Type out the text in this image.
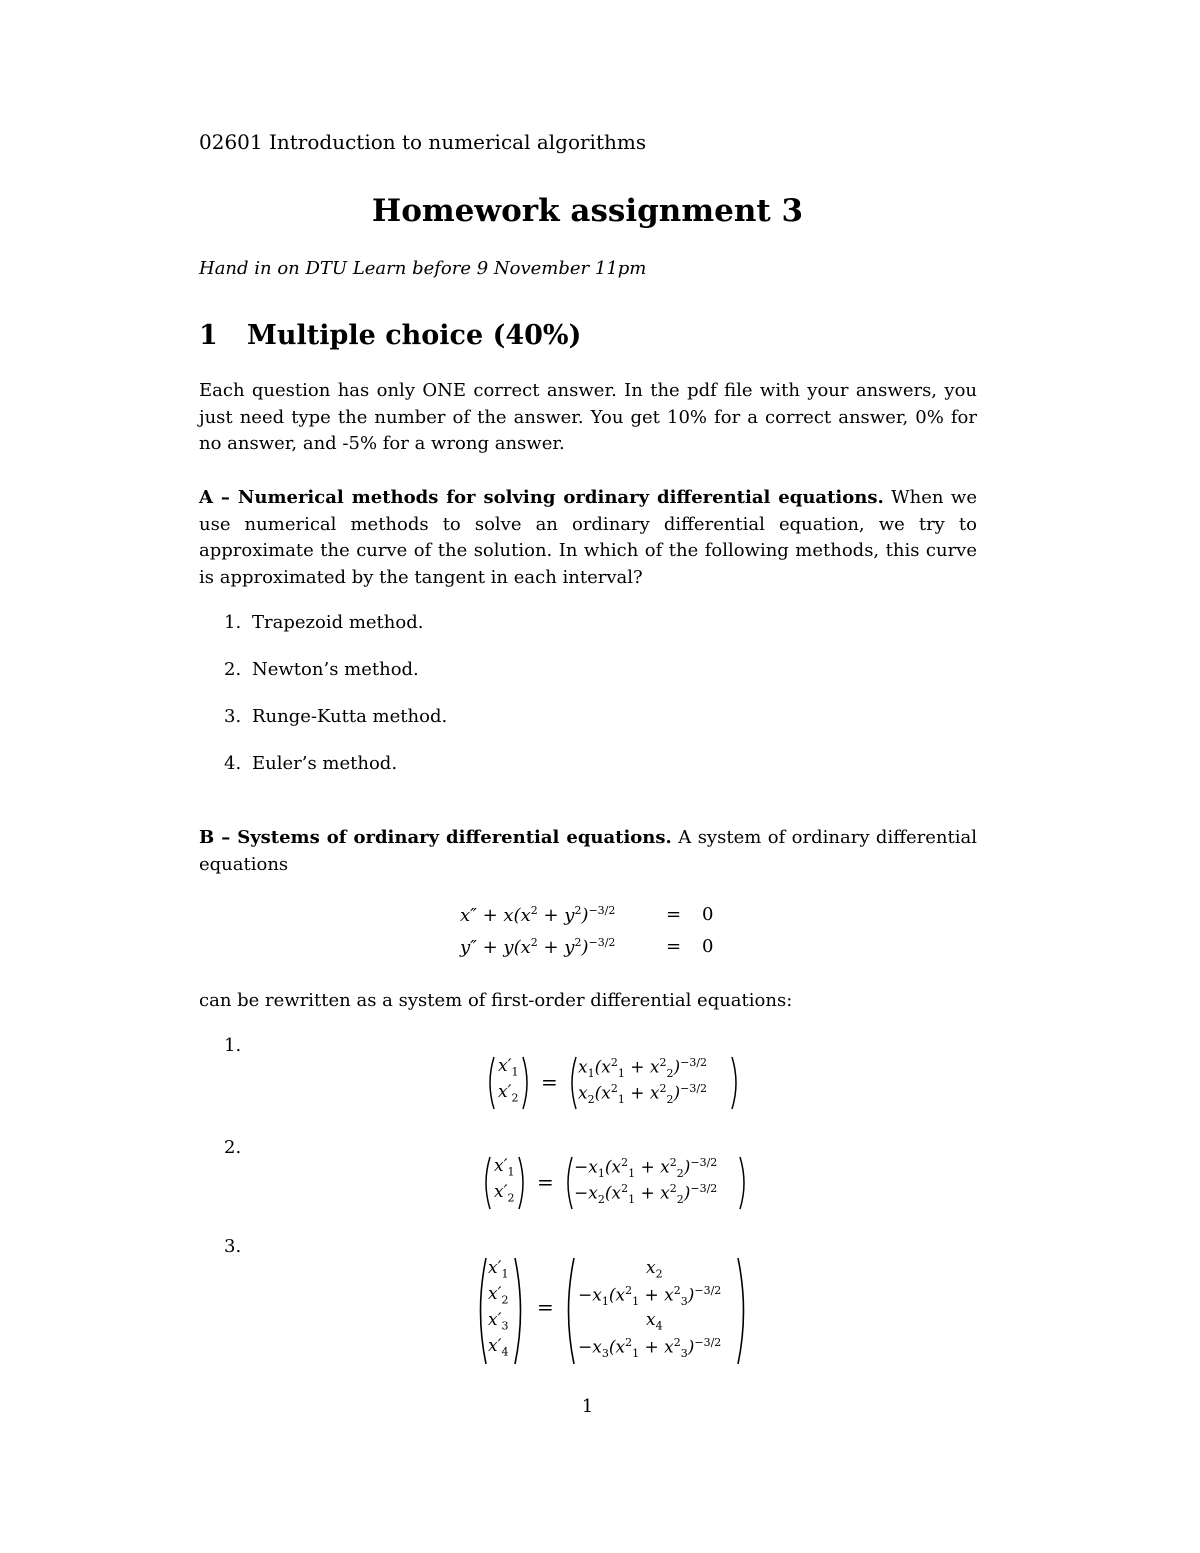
02601 Introduction to numerical algorithms
Homework assignment 3
Hand in on DTU Learn before 9 November 11pm
1 Multiple choice (40%)
Each question has only ONE correct answer. In the pdf file with your answers, you just need type the number of the answer. You get 10% for a correct answer, 0% for no answer, and -5% for a wrong answer.
A – Numerical methods for solving ordinary differential equations. When we use numerical methods to solve an ordinary differential equation, we try to approximate the curve of the solution. In which of the following methods, this curve is approximated by the tangent in each interval?
1. Trapezoid method.
2. Newton’s method.
3. Runge-Kutta method.
4. Euler’s method.
B – Systems of ordinary differential equations. A system of ordinary differential equations
$x'' + x(x^2 + y^2)^{-3/2}$	= 0
$y'' + y(x^2 + y^2)^{-3/2}$	= 0
can be rewritten as a system of first-order differential equations:
1.
$x'_1$
$x'_2$
=
$x_1(x^2_1 + x^2_2)^{-3/2}$
$x_2(x^2_1 + x^2_2)^{-3/2}$
2.
$x'_1$
$x'_2$
=
$-x_1(x^2_1 + x^2_2)^{-3/2}$
$-x_2(x^2_1 + x^2_2)^{-3/2}$
3.
$x'_1$
$x'_2$
$x'_3$
$x'_4$
=
$x_2$
$-x_1(x^2_1 + x^2_3)^{-3/2}$
$x_4$
$-x_3(x^2_1 + x^2_3)^{-3/2}$
1
